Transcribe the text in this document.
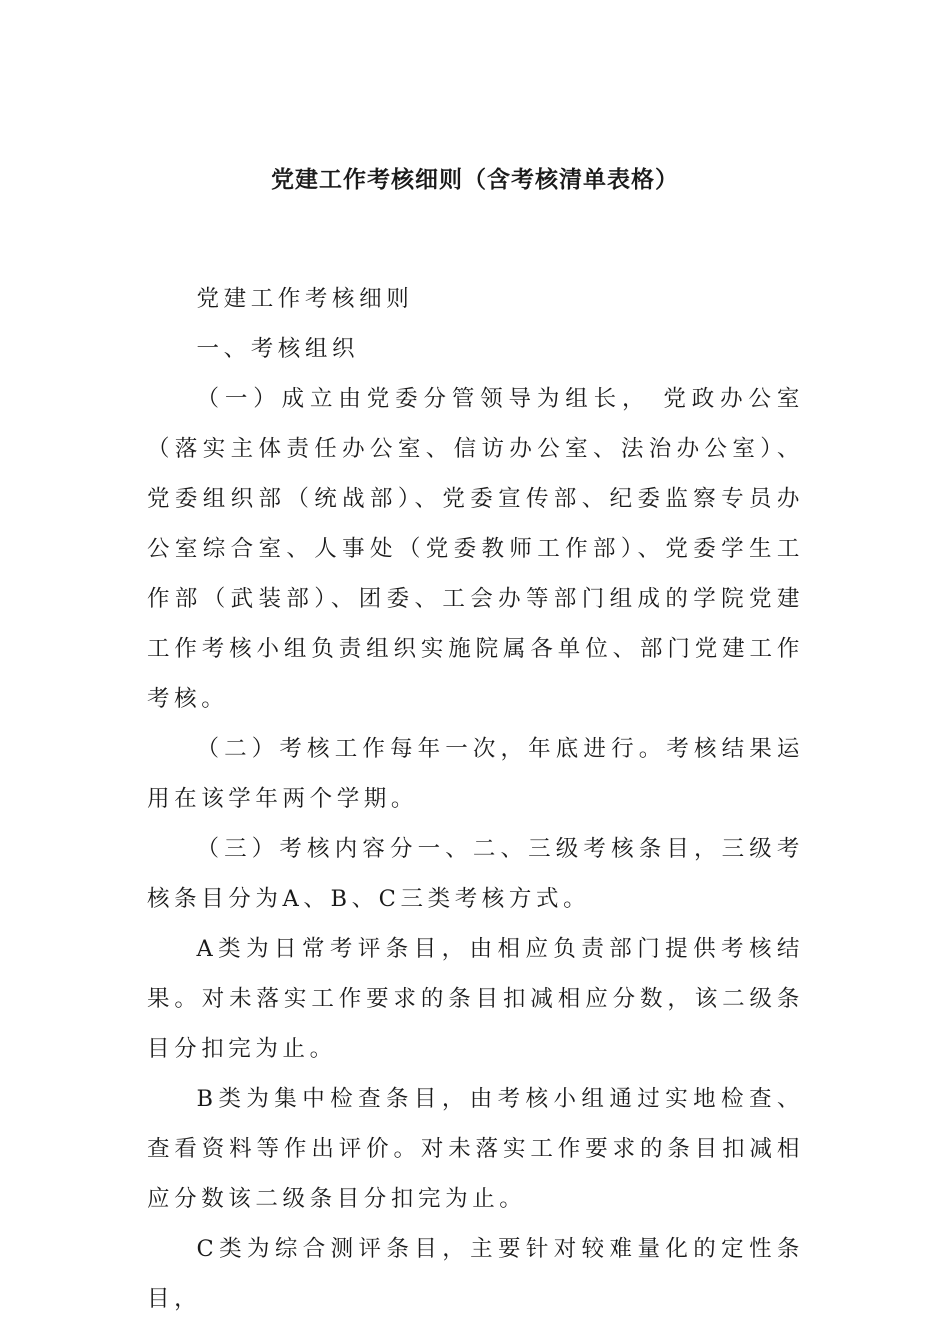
党建工作考核细则（含考核清单表格）

党建工作考核细则

一、考核组织

（一）成立由党委分管领导为组长， 党政办公室（落实主体责任办公室、信访办公室、法治办公室）、党委组织部（统战部）、党委宣传部、纪委监察专员办公室综合室、人事处（党委教师工作部）、党委学生工作部（武装部）、团委、工会办等部门组成的学院党建工作考核小组负责组织实施院属各单位、部门党建工作考核。

（二）考核工作每年一次，年底进行。考核结果运用在该学年两个学期。

（三）考核内容分一、二、三级考核条目，三级考核条目分为A、B、C三类考核方式。

A类为日常考评条目，由相应负责部门提供考核结果。对未落实工作要求的条目扣减相应分数，该二级条目分扣完为止。

B类为集中检查条目，由考核小组通过实地检查、查看资料等作出评价。对未落实工作要求的条目扣减相应分数该二级条目分扣完为止。

C类为综合测评条目，主要针对较难量化的定性条目，
